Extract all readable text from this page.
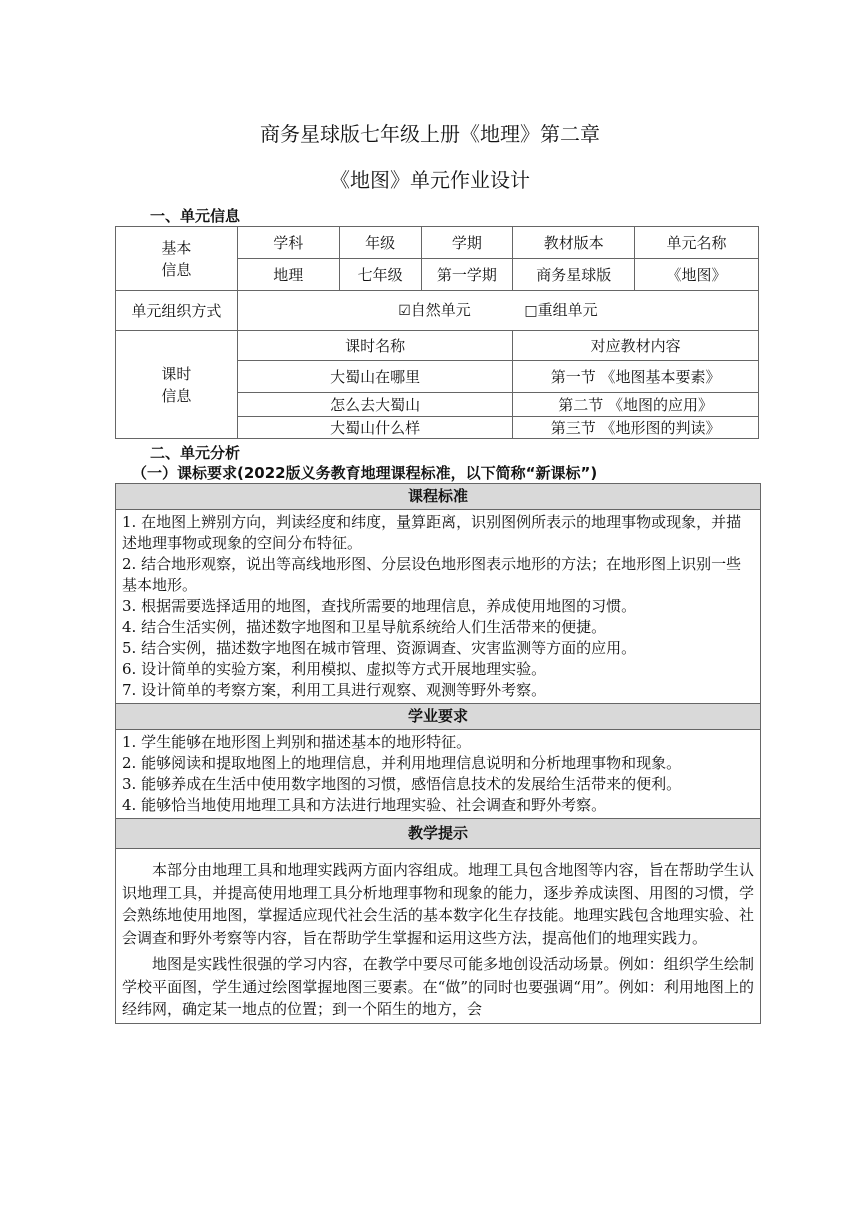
商务星球版七年级上册《地理》第二章
《地图》单元作业设计
一、单元信息
基本信息	学科	年级	学期	教材版本	单元名称
	地理	七年级	第一学期	商务星球版	《地图》
单元组织方式	☑自然单元 □重组单元				
课时信息	课时名称			对应教材内容	
	大蜀山在哪里			第一节 《地图基本要素》	
	怎么去大蜀山			第二节 《地图的应用》	
	大蜀山什么样			第三节 《地形图的判读》	
二、单元分析
（一）课标要求(2022版义务教育地理课程标准，以下简称“新课标”)
课程标准

1. 在地图上辨别方向，判读经度和纬度，量算距离，识别图例所表示的地理事物或现象，并描述地理事物或现象的空间分布特征。
2. 结合地形观察，说出等高线地形图、分层设色地形图表示地形的方法；在地形图上识别一些基本地形。
3. 根据需要选择适用的地图，查找所需要的地理信息，养成使用地图的习惯。
4. 结合生活实例，描述数字地图和卫星导航系统给人们生活带来的便捷。
5. 结合实例，描述数字地图在城市管理、资源调查、灾害监测等方面的应用。
6. 设计简单的实验方案，利用模拟、虚拟等方式开展地理实验。
7. 设计简单的考察方案，利用工具进行观察、观测等野外考察。

学业要求

1. 学生能够在地形图上判别和描述基本的地形特征。
2. 能够阅读和提取地图上的地理信息，并利用地理信息说明和分析地理事物和现象。
3. 能够养成在生活中使用数字地图的习惯，感悟信息技术的发展给生活带来的便利。
4. 能够恰当地使用地理工具和方法进行地理实验、社会调查和野外考察。

教学提示

本部分由地理工具和地理实践两方面内容组成。地理工具包含地图等内容，旨在帮助学生认识地理工具，并提高使用地理工具分析地理事物和现象的能力，逐步养成读图、用图的习惯，学会熟练地使用地图，掌握适应现代社会生活的基本数字化生存技能。地理实践包含地理实验、社会调查和野外考察等内容，旨在帮助学生掌握和运用这些方法，提高他们的地理实践力。
地图是实践性很强的学习内容，在教学中要尽可能多地创设活动场景。例如：组织学生绘制学校平面图，学生通过绘图掌握地图三要素。在“做”的同时也要强调“用”。例如：利用地图上的经纬网，确定某一地点的位置；到一个陌生的地方，会
